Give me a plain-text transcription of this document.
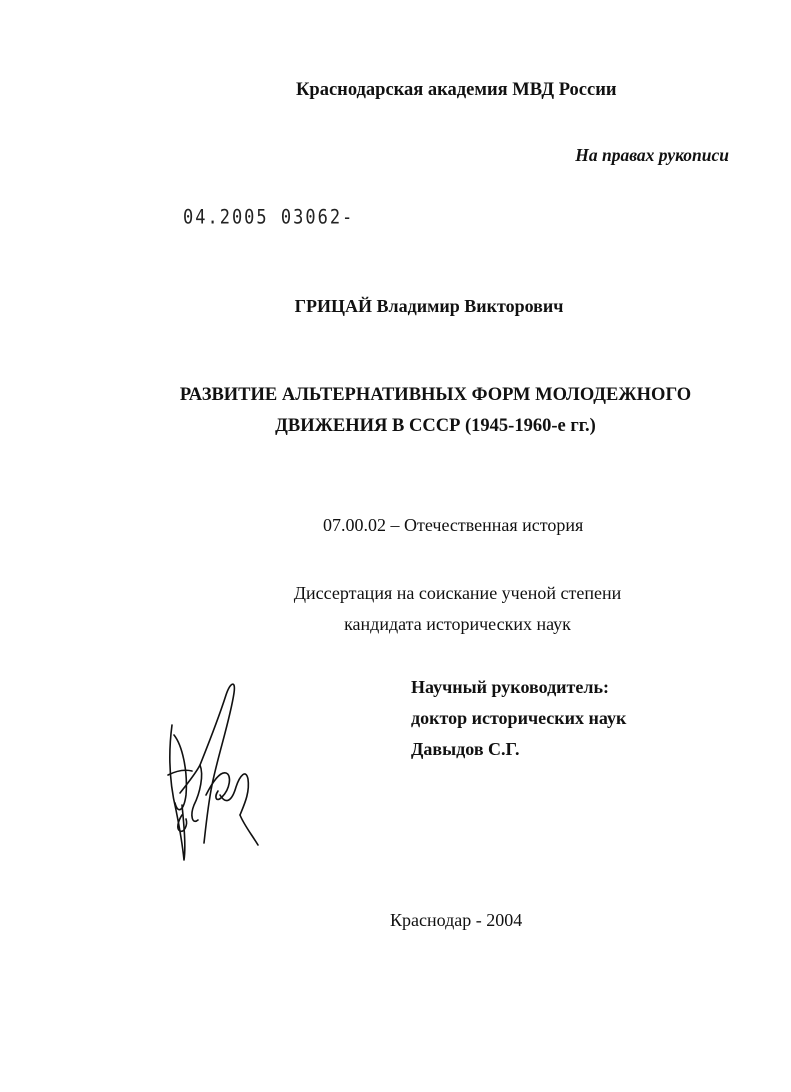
Краснодарская академия МВД России
На правах рукописи
04.2005 03062-
ГРИЦАЙ Владимир Викторович
РАЗВИТИЕ АЛЬТЕРНАТИВНЫХ ФОРМ МОЛОДЕЖНОГО
ДВИЖЕНИЯ В СССР (1945-1960-е гг.)
07.00.02 – Отечественная история
Диссертация на соискание ученой степени
кандидата исторических наук
Научный руководитель:
доктор исторических наук
Давыдов С.Г.
Краснодар - 2004
